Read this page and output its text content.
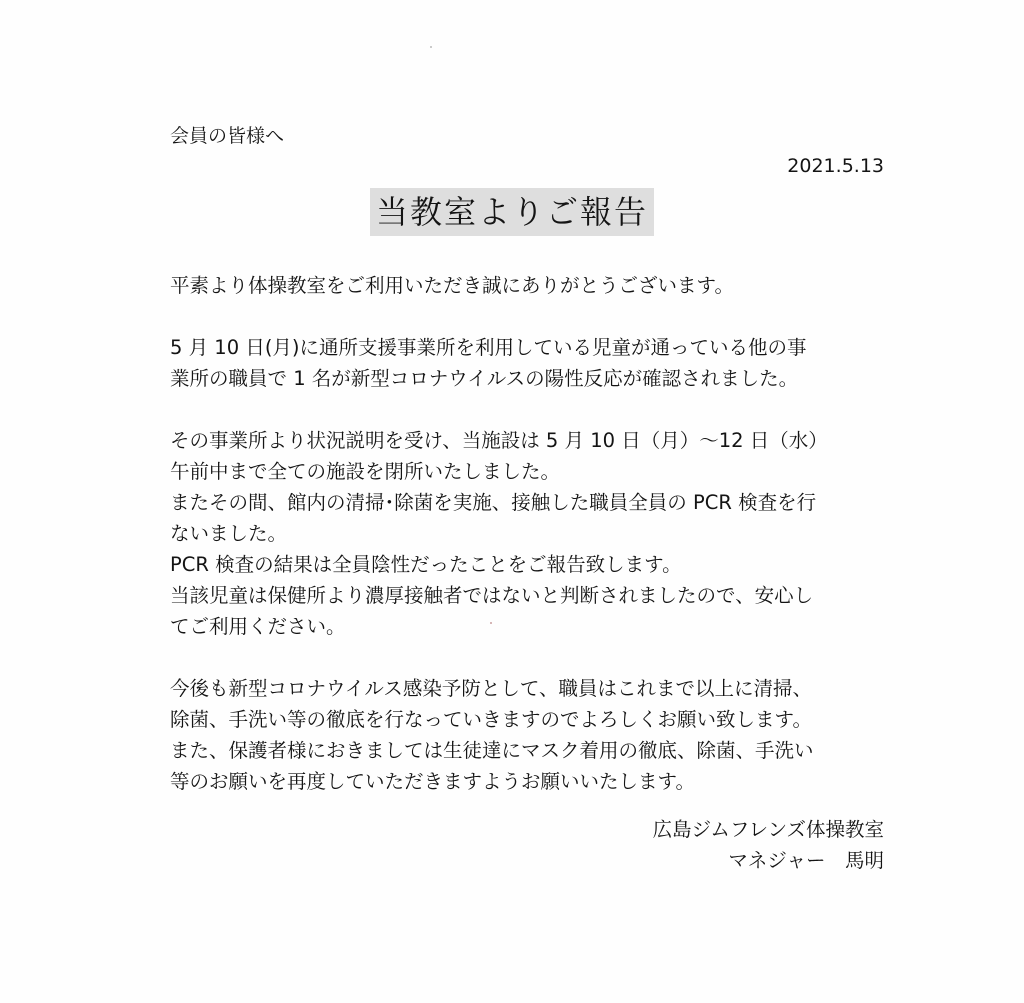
会員の皆様へ
2021.5.13
当教室よりご報告
平素より体操教室をご利用いただき誠にありがとうございます。
5 月 10 日(月)に通所支援事業所を利用している児童が通っている他の事
業所の職員で 1 名が新型コロナウイルスの陽性反応が確認されました。
その事業所より状況説明を受け、当施設は 5 月 10 日（月）～12 日（水）
午前中まで全ての施設を閉所いたしました。
またその間、館内の清掃･除菌を実施、接触した職員全員の PCR 検査を行
ないました。
PCR 検査の結果は全員陰性だったことをご報告致します。
当該児童は保健所より濃厚接触者ではないと判断されましたので、安心し
てご利用ください。
今後も新型コロナウイルス感染予防として、職員はこれまで以上に清掃、
除菌、手洗い等の徹底を行なっていきますのでよろしくお願い致します。
また、保護者様におきましては生徒達にマスク着用の徹底、除菌、手洗い
等のお願いを再度していただきますようお願いいたします。
広島ジムフレンズ体操教室
マネジャー　馬明
